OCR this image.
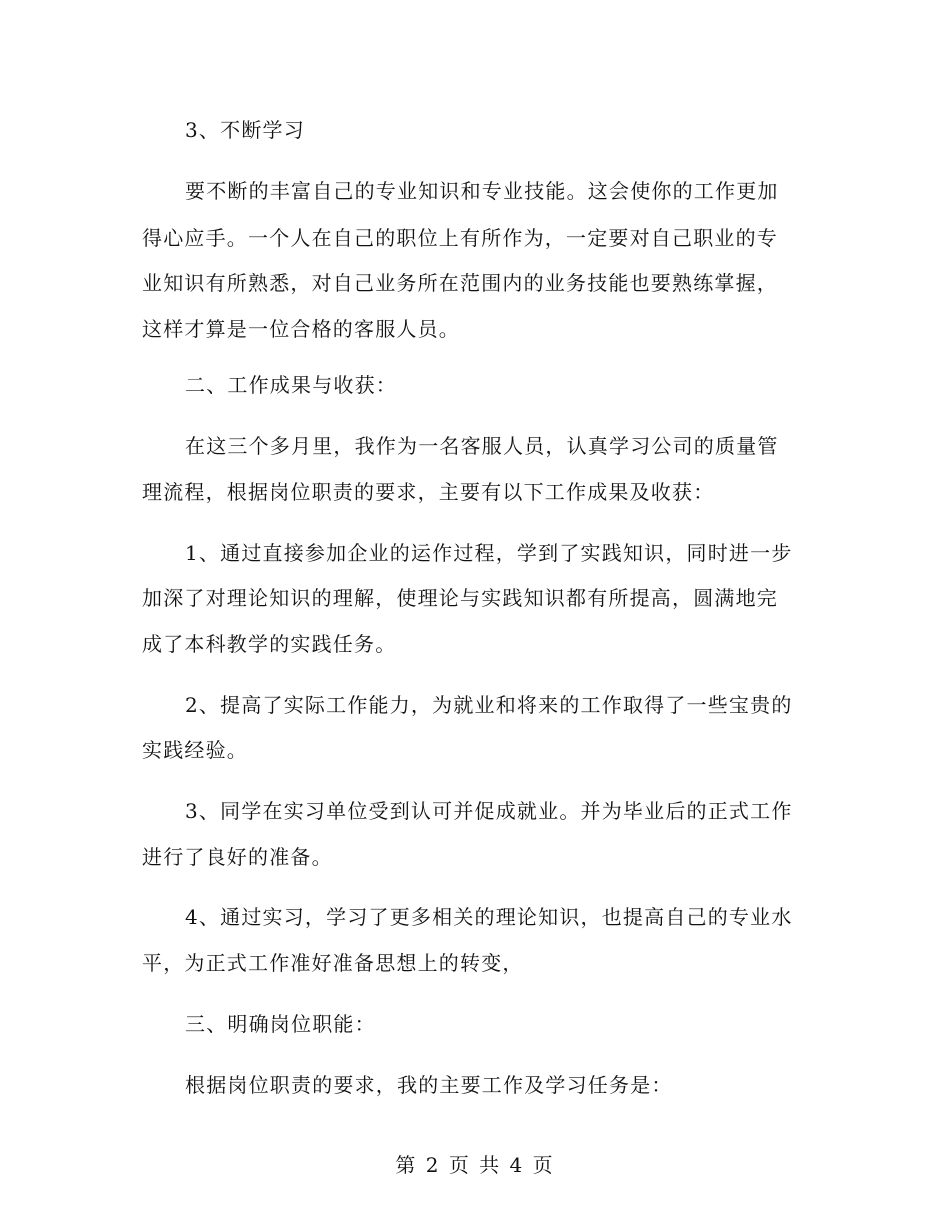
3、不断学习
要不断的丰富自己的专业知识和专业技能。这会使你的工作更加
得心应手。一个人在自己的职位上有所作为，一定要对自己职业的专
业知识有所熟悉，对自己业务所在范围内的业务技能也要熟练掌握，
这样才算是一位合格的客服人员。
二、工作成果与收获：
在这三个多月里，我作为一名客服人员，认真学习公司的质量管
理流程，根据岗位职责的要求，主要有以下工作成果及收获：
1、通过直接参加企业的运作过程，学到了实践知识，同时进一步
加深了对理论知识的理解，使理论与实践知识都有所提高，圆满地完
成了本科教学的实践任务。
2、提高了实际工作能力，为就业和将来的工作取得了一些宝贵的
实践经验。
3、同学在实习单位受到认可并促成就业。并为毕业后的正式工作
进行了良好的准备。
4、通过实习，学习了更多相关的理论知识，也提高自己的专业水
平，为正式工作准好准备思想上的转变，
三、明确岗位职能：
根据岗位职责的要求，我的主要工作及学习任务是：
第 2 页 共 4 页
